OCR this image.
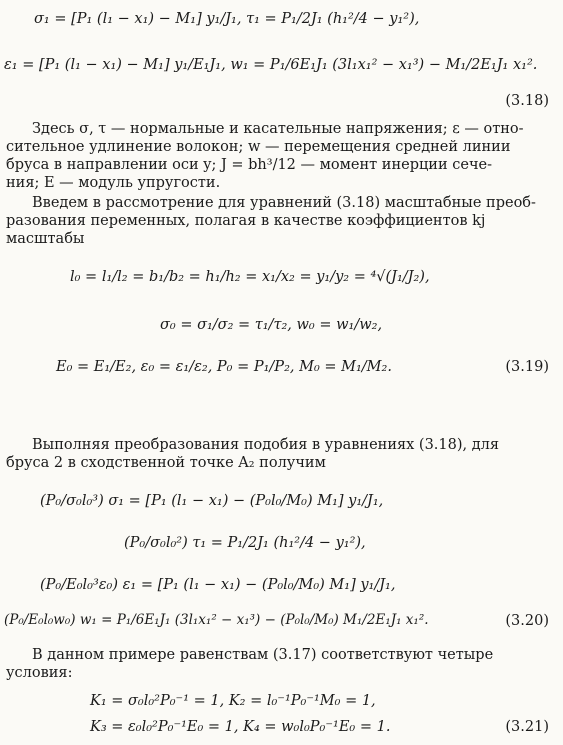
σ₁ = [P₁ (l₁ − x₁) − M₁] y₁/J₁, τ₁ = P₁/2J₁ (h₁²/4 − y₁²),
ε₁ = [P₁ (l₁ − x₁) − M₁] y₁/E₁J₁, w₁ = P₁/6E₁J₁ (3l₁x₁² − x₁³) − M₁/2E₁J₁ x₁².
(3.18)
Здесь σ, τ — нормальные и касательные напряжения; ε — отно-
сительное удлинение волокон; w — перемещения средней линии
бруса в направлении оси y; J = bh³/12 — момент инерции сече-
ния; E — модуль упругости.
Введем в рассмотрение для уравнений (3.18) масштабные преоб-
разования переменных, полагая в качестве коэффициентов kj
масштабы
l₀ = l₁/l₂ = b₁/b₂ = h₁/h₂ = x₁/x₂ = y₁/y₂ = ⁴√(J₁/J₂),
σ₀ = σ₁/σ₂ = τ₁/τ₂, w₀ = w₁/w₂,
E₀ = E₁/E₂, ε₀ = ε₁/ε₂, P₀ = P₁/P₂, M₀ = M₁/M₂.	(3.19)
Выполняя преобразования подобия в уравнениях (3.18), для
бруса 2 в сходственной точке A₂ получим
(P₀/σ₀l₀³) σ₁ = [P₁ (l₁ − x₁) − (P₀l₀/M₀) M₁] y₁/J₁,
(P₀/σ₀l₀²) τ₁ = P₁/2J₁ (h₁²/4 − y₁²),
(P₀/E₀l₀³ε₀) ε₁ = [P₁ (l₁ − x₁) − (P₀l₀/M₀) M₁] y₁/J₁,
(P₀/E₀l₀w₀) w₁ = P₁/6E₁J₁ (3l₁x₁² − x₁³) − (P₀l₀/M₀) M₁/2E₁J₁ x₁².	(3.20)
В данном примере равенствам (3.17) соответствуют четыре
условия:
K₁ = σ₀l₀²P₀⁻¹ = 1, K₂ = l₀⁻¹P₀⁻¹M₀ = 1,
K₃ = ε₀l₀²P₀⁻¹E₀ = 1, K₄ = w₀l₀P₀⁻¹E₀ = 1.	(3.21)
